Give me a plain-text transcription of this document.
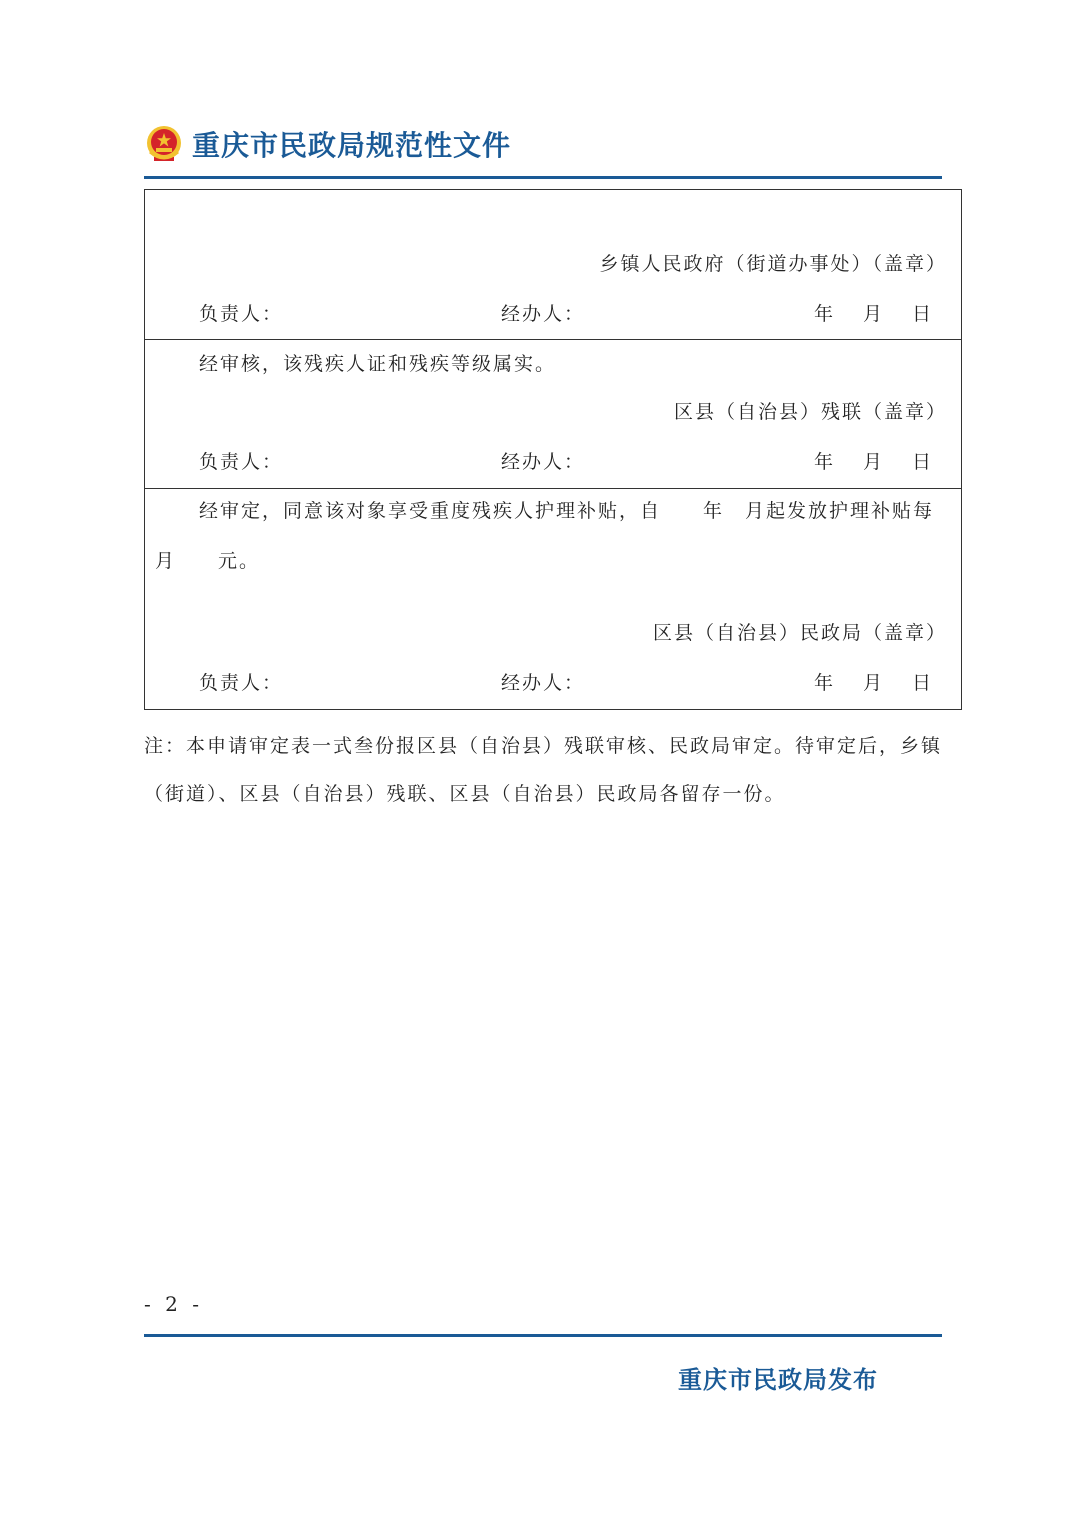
重庆市民政局规范性文件
乡镇人民政府（街道办事处）（盖章）
负责人：	经办人：	年 月 日
经审核，该残疾人证和残疾等级属实。
区县（自治县）残联（盖章）
负责人：	经办人：	年 月 日
经审定，同意该对象享受重度残疾人护理补贴，自　　年　月起发放护理补贴每
月　　元。
区县（自治县）民政局（盖章）
负责人：	经办人：	年 月 日
注：本申请审定表一式叁份报区县（自治县）残联审核、民政局审定。待审定后，乡镇（街道）、区县（自治县）残联、区县（自治县）民政局各留存一份。
- 2 -
重庆市民政局发布
